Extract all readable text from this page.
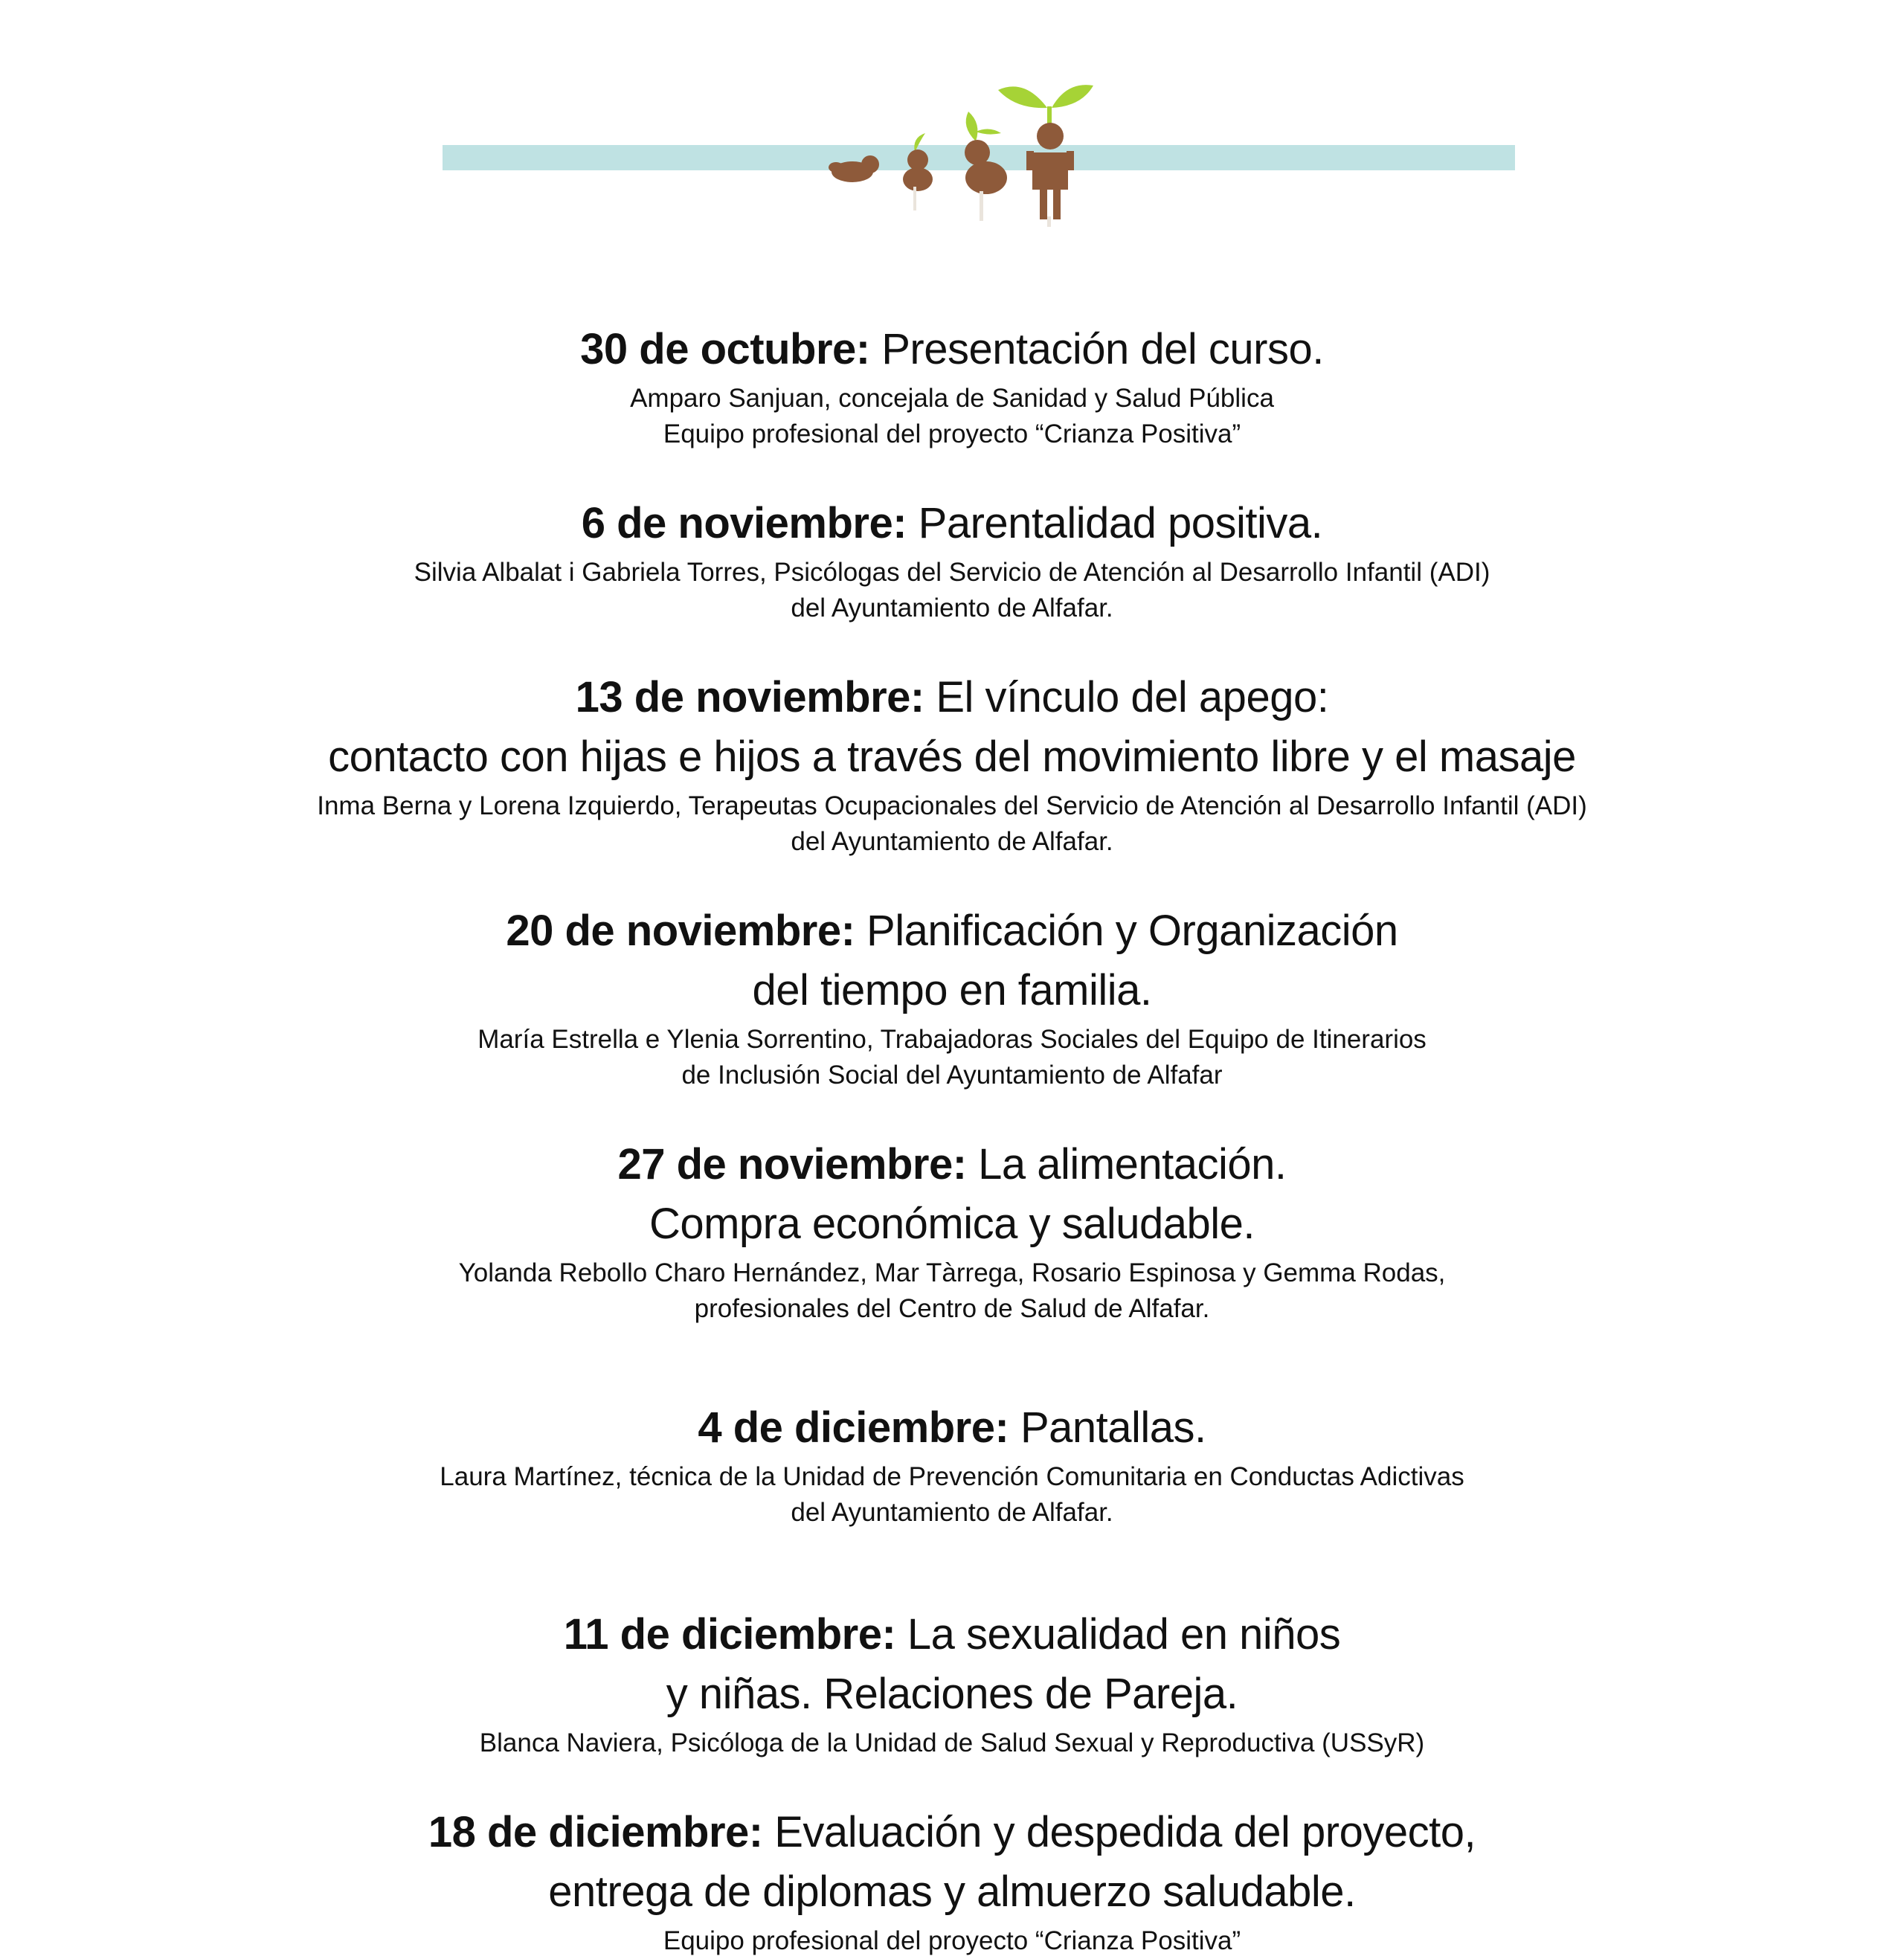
30 de octubre: Presentación del curso.
Amparo Sanjuan, concejala de Sanidad y Salud Pública
Equipo profesional del proyecto “Crianza Positiva”
6 de noviembre: Parentalidad positiva.
Silvia Albalat i Gabriela Torres, Psicólogas del Servicio de Atención al Desarrollo Infantil (ADI)
del Ayuntamiento de Alfafar.
13 de noviembre: El vínculo del apego:
contacto con hijas e hijos a través del movimiento libre y el masaje
Inma Berna y Lorena Izquierdo, Terapeutas Ocupacionales del Servicio de Atención al Desarrollo Infantil (ADI)
del Ayuntamiento de Alfafar.
20 de noviembre: Planificación y Organización
del tiempo en familia.
María Estrella e Ylenia Sorrentino, Trabajadoras Sociales del Equipo de Itinerarios
de Inclusión Social del Ayuntamiento de Alfafar
27 de noviembre: La alimentación.
Compra económica y saludable.
Yolanda Rebollo Charo Hernández, Mar Tàrrega, Rosario Espinosa y Gemma Rodas,
profesionales del Centro de Salud de Alfafar.
4 de diciembre: Pantallas.
Laura Martínez, técnica de la Unidad de Prevención Comunitaria en Conductas Adictivas
del Ayuntamiento de Alfafar.
11 de diciembre: La sexualidad en niños
y niñas. Relaciones de Pareja.
Blanca Naviera, Psicóloga de la Unidad de Salud Sexual y Reproductiva (USSyR)
18 de diciembre: Evaluación y despedida del proyecto,
entrega de diplomas y almuerzo saludable.
Equipo profesional del proyecto “Crianza Positiva”
